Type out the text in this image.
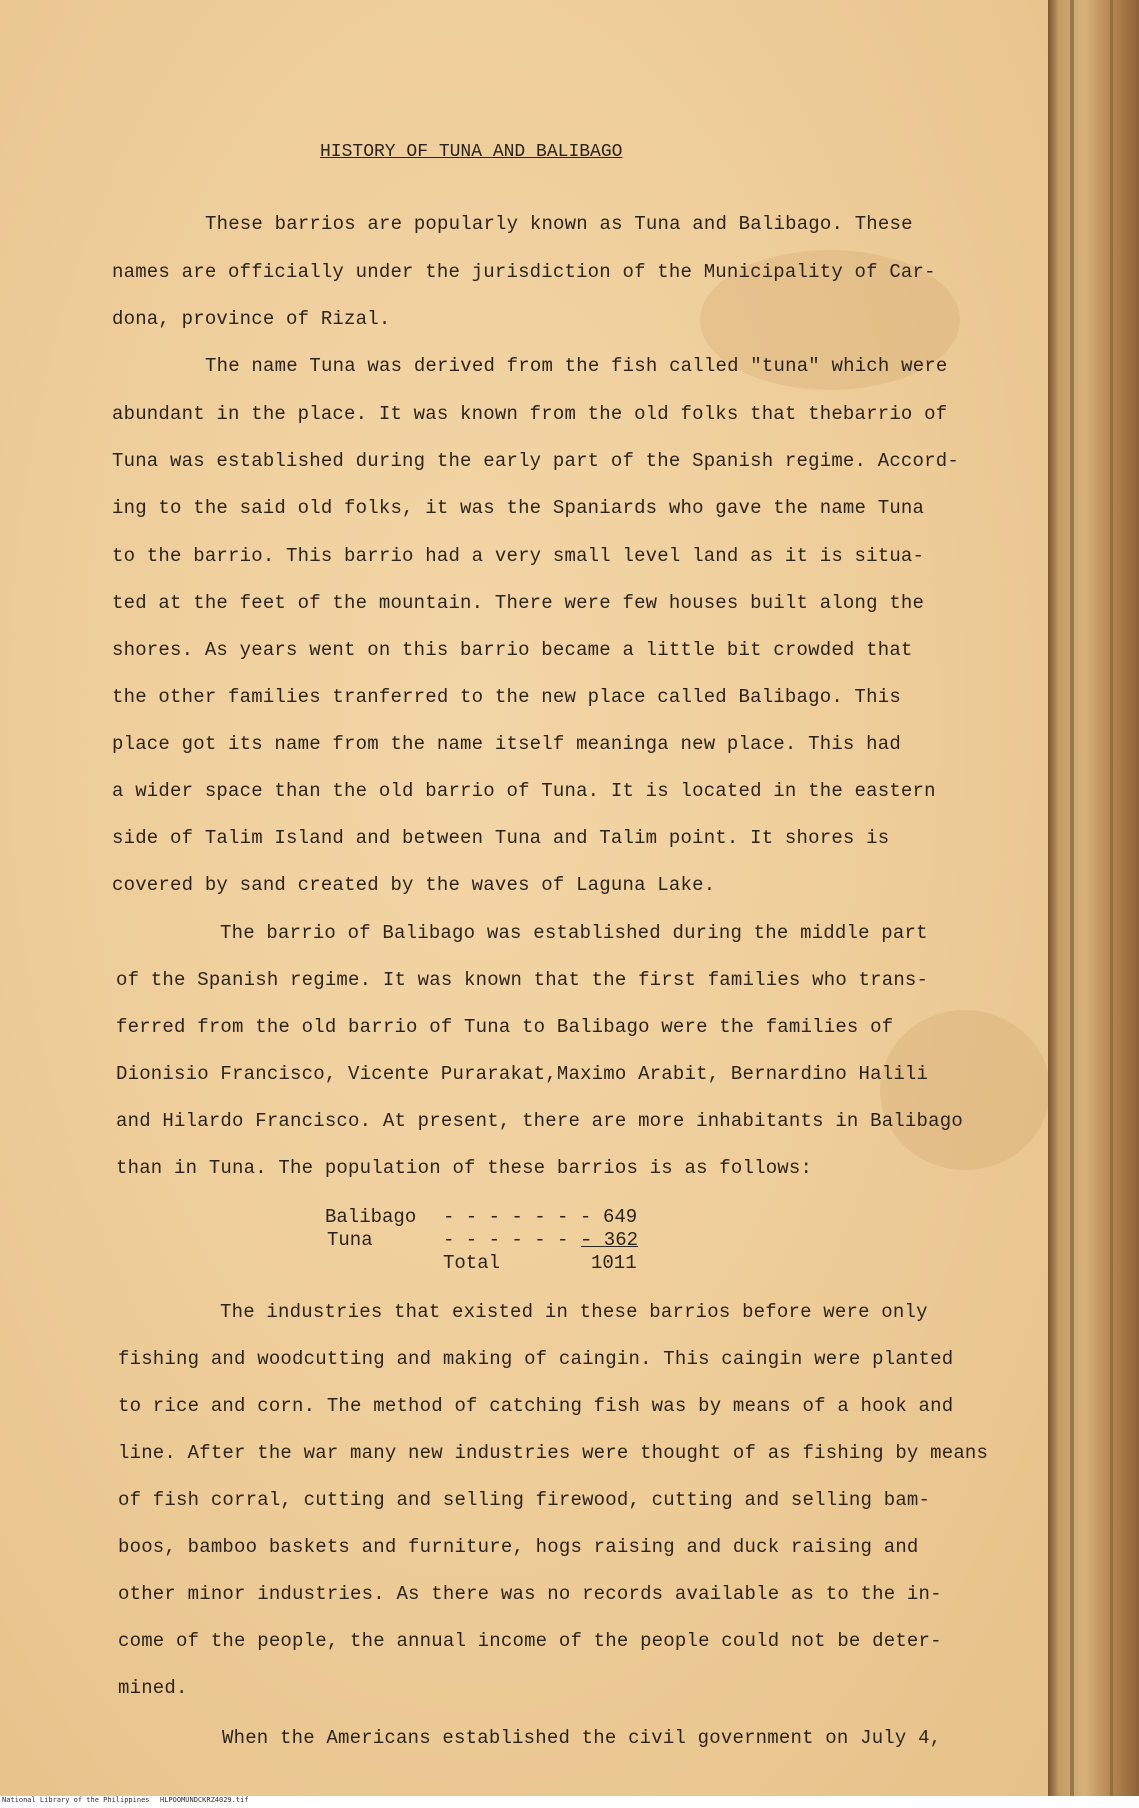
HISTORY OF TUNA AND BALIBAGO
These barrios are popularly known as Tuna and Balibago. These
names are officially under the jurisdiction of the Municipality of Car-
dona, province of Rizal.
The name Tuna was derived from the fish called "tuna" which were
abundant in the place. It was known from the old folks that thebarrio of
Tuna was established during the early part of the Spanish regime. Accord-
ing to the said old folks, it was the Spaniards who gave the name Tuna
to the barrio. This barrio had a very small level land as it is situa-
ted at the feet of the mountain. There were few houses built along the
shores. As years went on this barrio became a little bit crowded that
the other families tranferred to the new place called Balibago. This
place got its name from the name itself meaninga new place. This had
a wider space than the old barrio of Tuna. It is located in the eastern
side of Talim Island and between Tuna and Talim point. It shores is
covered by sand created by the waves of Laguna Lake.
The barrio of Balibago was established during the middle part
of the Spanish regime. It was known that the first families who trans-
ferred from the old barrio of Tuna to Balibago were the families of
Dionisio Francisco, Vicente Purarakat,Maximo Arabit, Bernardino Halili
and Hilardo Francisco. At present, there are more inhabitants in Balibago
than in Tuna. The population of these barrios is as follows:
Balibago - - - - - - - 649
Tuna	- - - - - - -
- 362
Total	1011
The industries that existed in these barrios before were only
fishing and woodcutting and making of caingin. This caingin were planted
to rice and corn. The method of catching fish was by means of a hook and
line. After the war many new industries were thought of as fishing by means
of fish corral, cutting and selling firewood, cutting and selling bam-
boos, bamboo baskets and furniture, hogs raising and duck raising and
other minor industries. As there was no records available as to the in-
come of the people, the annual income of the people could not be deter-
mined.
When the Americans established the civil government on July 4,
National Library of the Philippines HLPOOMUNDCKRZ4029.tif
